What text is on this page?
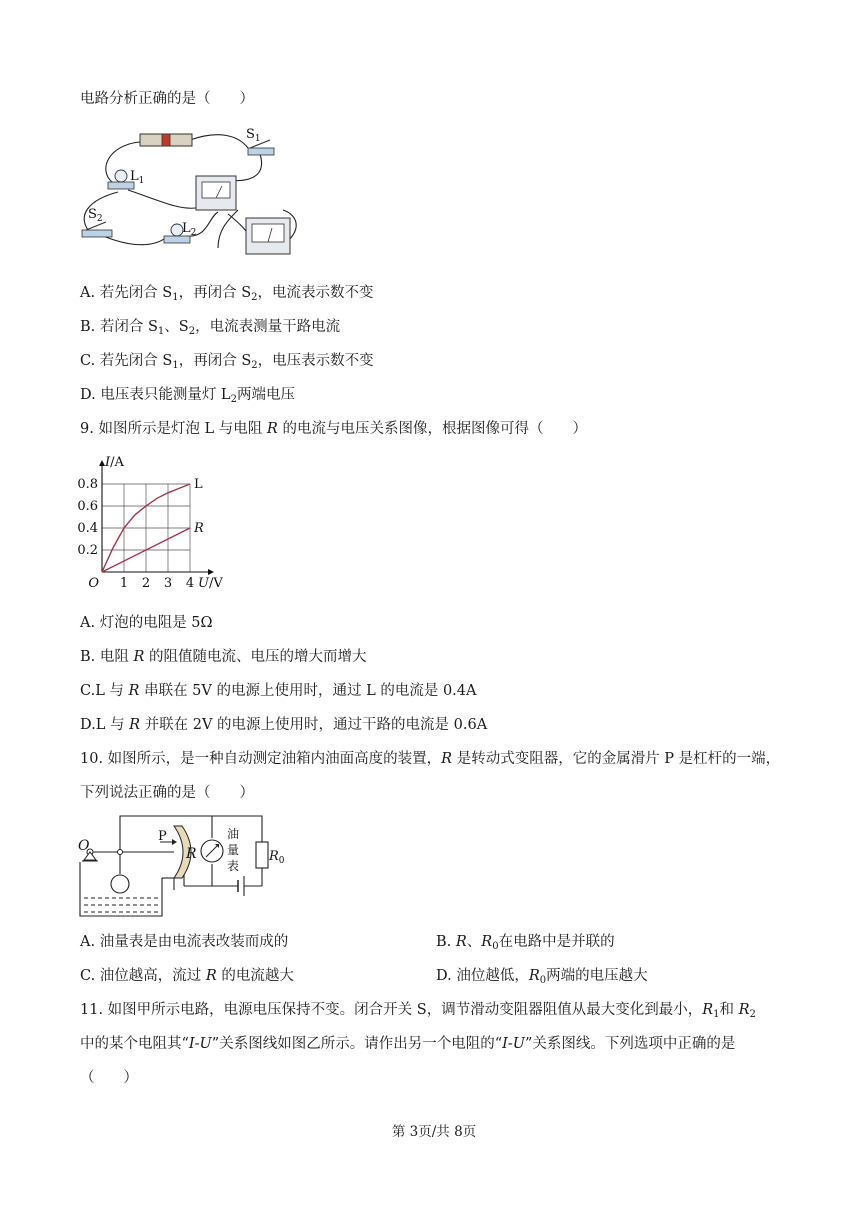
电路分析正确的是（　　）
$S_1$
$L_1$
$S_2$
$L_2$
A. 若先闭合 $S_1$，再闭合 $S_2$，电流表示数不变
B. 若闭合 $S_1$、$S_2$，电流表测量干路电流
C. 若先闭合 $S_1$，再闭合 $S_2$，电压表示数不变
D. 电压表只能测量灯 $L_2$两端电压
9. 如图所示是灯泡 L 与电阻 R 的电流与电压关系图像，根据图像可得（　　）
1 2 3 4
0.2
0.4
0.6
0.8
O
I/A
U/V
L
R
A. 灯泡的电阻是 5Ω
B. 电阻 R 的阻值随电流、电压的增大而增大
C.L 与 R 串联在 5V 的电源上使用时，通过 L 的电流是 0.4A
D.L 与 R 并联在 2V 的电源上使用时，通过干路的电流是 0.6A
10. 如图所示，是一种自动测定油箱内油面高度的装置，R 是转动式变阻器，它的金属滑片 P 是杠杆的一端，
下列说法正确的是（　　）
O
P
R
油
量
表
$R_0$
A. 油量表是由电流表改装而成的	B. R、$R_0$在电路中是并联的
C. 油位越高，流过 R 的电流越大	D. 油位越低，$R_0$两端的电压越大
11. 如图甲所示电路，电源电压保持不变。闭合开关 S，调节滑动变阻器阻值从最大变化到最小，$R_1$和 $R_2$
中的某个电阻其“I-U”关系图线如图乙所示。请作出另一个电阻的“I-U”关系图线。下列选项中正确的是
（　　）
第 3页/共 8页
